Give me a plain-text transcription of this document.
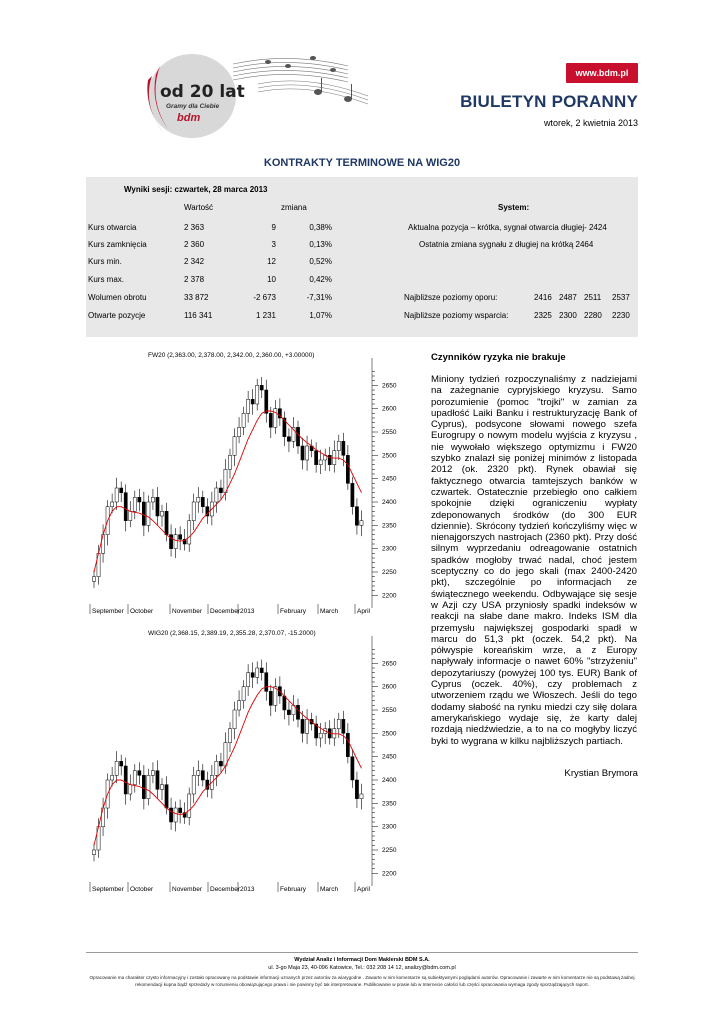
od 20 lat
Gramy dla Ciebie
bdm
www.bdm.pl
BIULETYN PORANNY
wtorek, 2 kwietnia 2013
KONTRAKTY TERMINOWE NA WIG20
Wyniki sesji: czwartek, 28 marca 2013
Wartość	zmiana	System:
Kurs otwarcia	2 363	9	0,38%
Kurs zamknięcia	2 360	3	0,13%
Kurs min.	2 342	12	0,52%
Kurs max.	2 378	10	0,42%
Wolumen obrotu	33 872	-2 673	-7,31%
Otwarte pozycje	116 341	1 231	1,07%
Aktualna pozycja – krótka, sygnał otwarcia długiej- 2424
Ostatnia zmiana sygnału z długiej na krótką 2464
Najbliższe poziomy oporu:	2416 2487 2511 2537
Najbliższe poziomy wsparcia:	2325 2300 2280 2230
FW20 (2,363.00, 2,378.00, 2,342.00, 2,360.00, +3.00000)
2200
2250
2300
2350
2400
2450
2500
2550
2600
2650
September October	November December 2013	February March	April
WIG20 (2,368.15, 2,389.19, 2,355.28, 2,370.07, -15.2000)
2200
2250
2300
2350
2400
2450
2500
2550
2600
2650
September October	November December 2013	February March	April
Czynników ryzyka nie brakuje
Miniony tydzień rozpoczynaliśmy z nadziejami na zażegnanie cypryjskiego kryzysu. Samo porozumienie (pomoc "trojki" w zamian za upadłość Laiki Banku i restrukturyzację Bank of Cyprus), podsycone słowami nowego szefa Eurogrupy o nowym modelu wyjścia z kryzysu , nie wywołało większego optymizmu i FW20 szybko znalazł się poniżej minimów z listopada 2012 (ok. 2320 pkt). Rynek obawiał się faktycznego otwarcia tamtejszych banków w czwartek. Ostatecznie przebiegło ono całkiem spokojnie dzięki ograniczeniu wypłaty zdeponowanych środków (do 300 EUR dziennie). Skrócony tydzień kończyliśmy więc w nienajgorszych nastrojach (2360 pkt). Przy dość silnym wyprzedaniu odreagowanie ostatnich spadków mogłoby trwać nadal, choć jestem sceptyczny co do jego skali (max 2400-2420 pkt), szczególnie po informacjach ze świątecznego weekendu. Odbywające się sesje w Azji czy USA przyniosły spadki indeksów w reakcji na słabe dane makro. Indeks ISM dla przemysłu największej gospodarki spadł w marcu do 51,3 pkt (oczek. 54,2 pkt). Na półwyspie koreańskim wrze, a z Europy napływały informacje o nawet 60% "strzyżeniu" depozytariuszy (powyżej 100 tys. EUR) Bank of Cyprus (oczek. 40%), czy problemach z utworzeniem rządu we Włoszech. Jeśli do tego dodamy słabość na rynku miedzi czy siłę dolara amerykańskiego wydaje się, że karty dalej rozdają niedźwiedzie, a to na co mogłyby liczyć byki to wygrana w kilku najbliższych partiach.
Krystian Brymora
Wydział Analiz i Informacji Dom Maklerski BDM S.A.
ul. 3-go Maja 23, 40-096 Katowice, Tel.: 032 208 14 12, analizy@bdm.com.pl
Opracowanie ma charakter czysto informacyjny i zostało opracowany na podstawie informacji uznanych przez autorów za wiarygodne . Zawarte w nim komentarze są subiektywnymi poglądami autorów. Opracowanie i zawarte w nim komentarze nie są podstawą żadnej rekomendacji kupna bądź sprzedaży w rozumieniu obowiązującego prawa i nie powinny być tak interpretowane. Publikowanie w prasie lub w Internecie całości lub części opracowania wymaga zgody sporządzających raport.
